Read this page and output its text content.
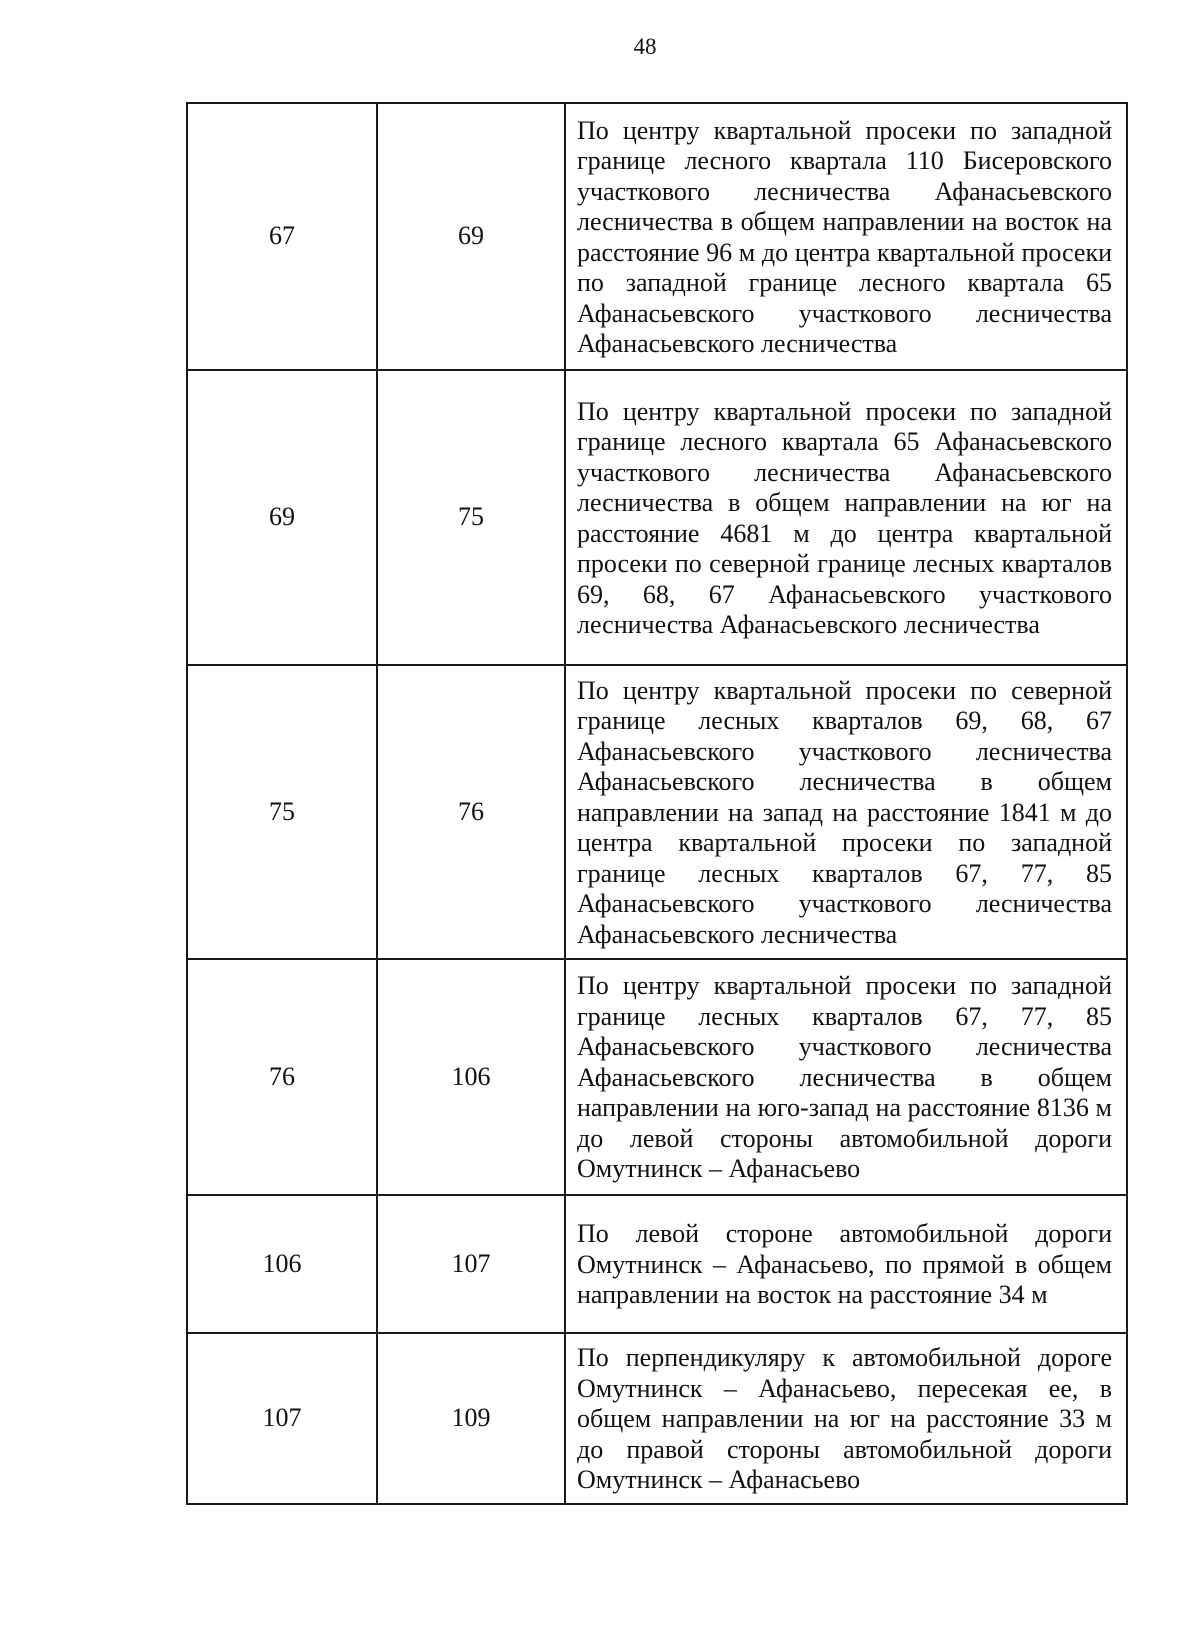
48
67	69	По центру квартальной просеки по западной границе лесного квартала 110 Бисеровского участкового лесничества Афанасьевского лесничества в общем направлении на восток на расстояние 96 м до центра квартальной просеки по западной границе лесного квартала 65 Афанасьевского участкового лесничества Афанасьевского лесничества
69	75	По центру квартальной просеки по западной границе лесного квартала 65 Афанасьевского участкового лесничества Афанасьевского лесничества в общем направлении на юг на расстояние 4681 м до центра квартальной просеки по северной границе лесных кварталов 69, 68, 67 Афанасьевского участкового лесничества Афанасьевского лесничества
75	76	По центру квартальной просеки по северной границе лесных кварталов 69, 68, 67 Афанасьевского участкового лесничества Афанасьевского лесничества в общем направлении на запад на расстояние 1841 м до центра квартальной просеки по западной границе лесных кварталов 67, 77, 85 Афанасьевского участкового лесничества Афанасьевского лесничества
76	106	По центру квартальной просеки по западной границе лесных кварталов 67, 77, 85 Афанасьевского участкового лесничества Афанасьевского лесничества в общем направлении на юго-запад на расстояние 8136 м до левой стороны автомобильной дороги Омутнинск – Афанасьево
106	107	По левой стороне автомобильной дороги Омутнинск – Афанасьево, по прямой в общем направлении на восток на расстояние 34 м
107	109	По перпендикуляру к автомобильной дороге Омутнинск – Афанасьево, пересекая ее, в общем направлении на юг на расстояние 33 м до правой стороны автомобильной дороги Омутнинск – Афанасьево
